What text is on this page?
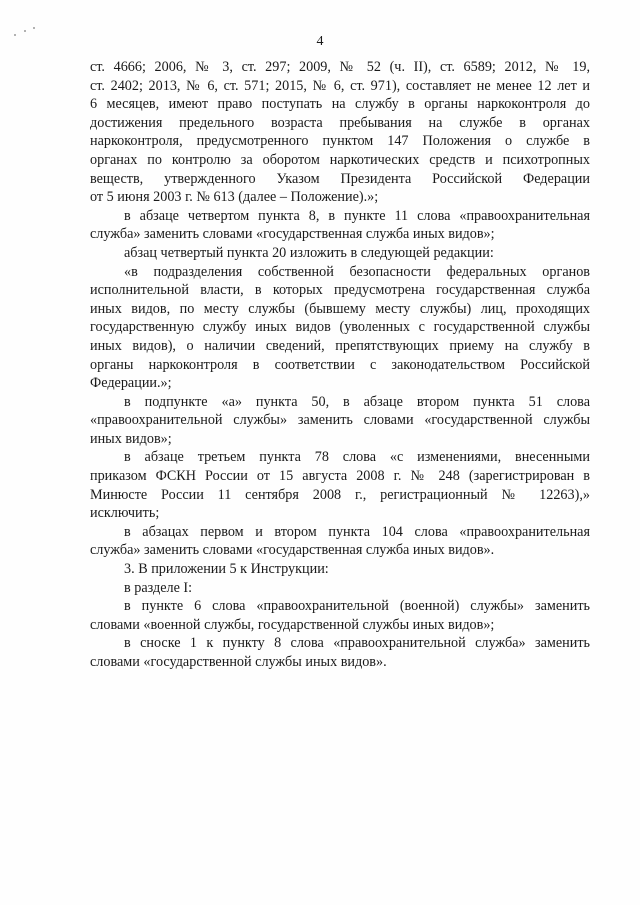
4
ст. 4666; 2006, № 3, ст. 297; 2009, № 52 (ч. II), ст. 6589; 2012, № 19,
ст. 2402; 2013, № 6, ст. 571; 2015, № 6, ст. 971), составляет не менее 12 лет и
6 месяцев, имеют право поступать на службу в органы наркоконтроля до
достижения предельного возраста пребывания на службе в органах
наркоконтроля, предусмотренного пунктом 147 Положения о службе в
органах по контролю за оборотом наркотических средств и психотропных
веществ, утвержденного Указом Президента Российской Федерации
от 5 июня 2003 г. № 613 (далее – Положение).»;
в абзаце четвертом пункта 8, в пункте 11 слова «правоохранительная
служба» заменить словами «государственная служба иных видов»;
абзац четвертый пункта 20 изложить в следующей редакции:
«в подразделения собственной безопасности федеральных органов
исполнительной власти, в которых предусмотрена государственная служба
иных видов, по месту службы (бывшему месту службы) лиц, проходящих
государственную службу иных видов (уволенных с государственной службы
иных видов), о наличии сведений, препятствующих приему на службу в
органы наркоконтроля в соответствии с законодательством Российской
Федерации.»;
в подпункте «а» пункта 50, в абзаце втором пункта 51 слова
«правоохранительной службы» заменить словами «государственной службы
иных видов»;
в абзаце третьем пункта 78 слова «с изменениями, внесенными
приказом ФСКН России от 15 августа 2008 г. № 248 (зарегистрирован в
Минюсте России 11 сентября 2008 г., регистрационный № 12263),»
исключить;
в абзацах первом и втором пункта 104 слова «правоохранительная
служба» заменить словами «государственная служба иных видов».
3. В приложении 5 к Инструкции:
в разделе I:
в пункте 6 слова «правоохранительной (военной) службы» заменить
словами «военной службы, государственной службы иных видов»;
в сноске 1 к пункту 8 слова «правоохранительной служба» заменить
словами «государственной службы иных видов».
